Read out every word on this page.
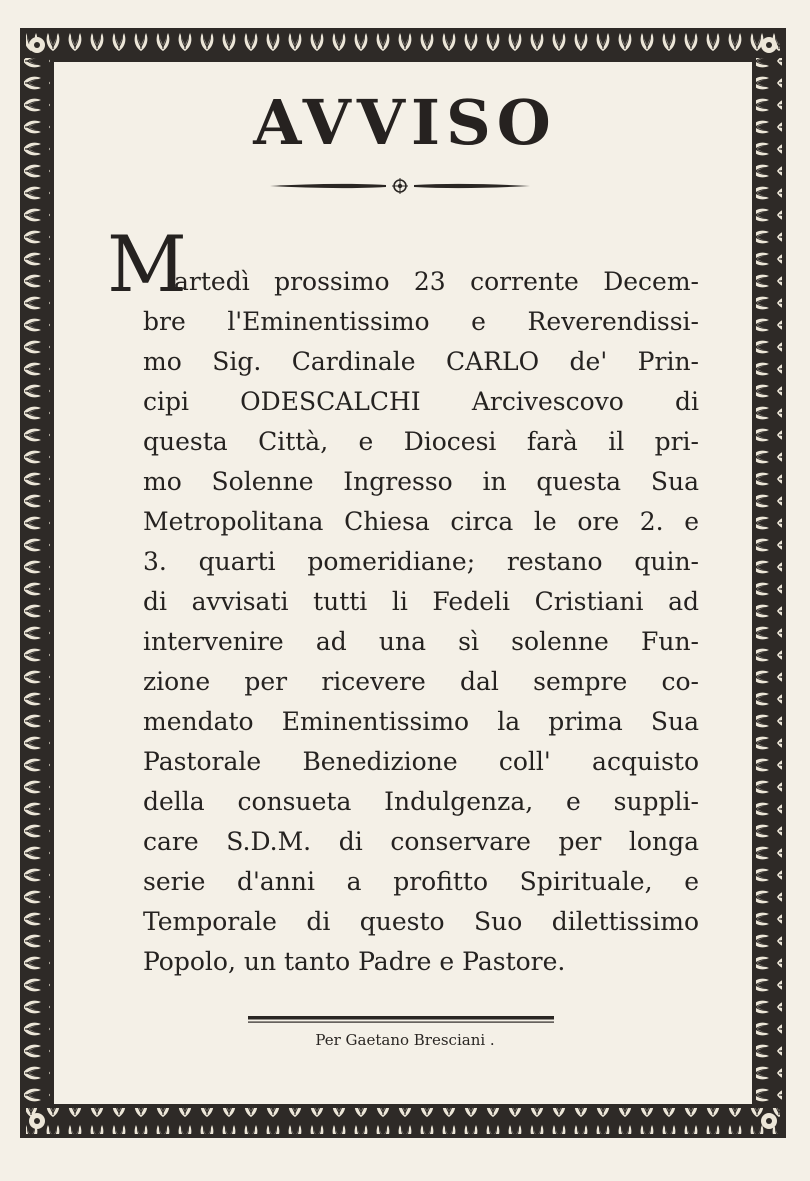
AVVISO
M
artedì prossimo 23 corrente Decem-
bre l'Eminentissimo e Reverendissi-
mo Sig. Cardinale CARLO de' Prin-
cipi ODESCALCHI Arcivescovo di
questa Città, e Diocesi farà il pri-
mo Solenne Ingresso in questa Sua
Metropolitana Chiesa circa le ore 2. e
3. quarti pomeridiane; restano quin-
di avvisati tutti li Fedeli Cristiani ad
intervenire ad una sì solenne Fun-
zione per ricevere dal sempre co-
mendato Eminentissimo la prima Sua
Pastorale Benedizione coll' acquisto
della consueta Indulgenza, e suppli-
care S.D.M. di conservare per longa
serie d'anni a profitto Spirituale, e
Temporale di questo Suo dilettissimo
Popolo, un tanto Padre e Pastore.
Per Gaetano Bresciani .
